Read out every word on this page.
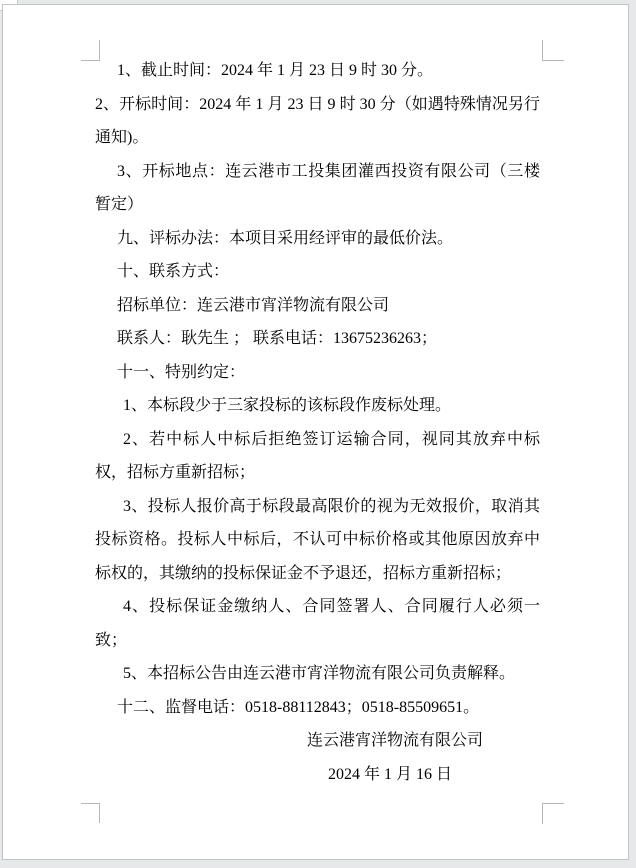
1、截止时间：2024 年 1 月 23 日 9 时 30 分。

2、开标时间：2024 年 1 月 23 日 9 时 30 分（如遇特殊情况另行通知)。

3、开标地点：连云港市工投集团灌西投资有限公司（三楼暂定）

九、评标办法：本项目采用经评审的最低价法。

十、联系方式：

招标单位：连云港市宵洋物流有限公司

联系人：耿先生 ； 联系电话：13675236263；

十一、特别约定：

1、本标段少于三家投标的该标段作废标处理。

2、若中标人中标后拒绝签订运输合同，视同其放弃中标权，招标方重新招标；

3、投标人报价高于标段最高限价的视为无效报价，取消其投标资格。投标人中标后，不认可中标价格或其他原因放弃中标权的，其缴纳的投标保证金不予退还，招标方重新招标；

4、投标保证金缴纳人、合同签署人、合同履行人必须一致；

5、本招标公告由连云港市宵洋物流有限公司负责解释。

十二、监督电话：0518-88112843；0518-85509651。

连云港宵洋物流有限公司

2024 年 1 月 16 日
